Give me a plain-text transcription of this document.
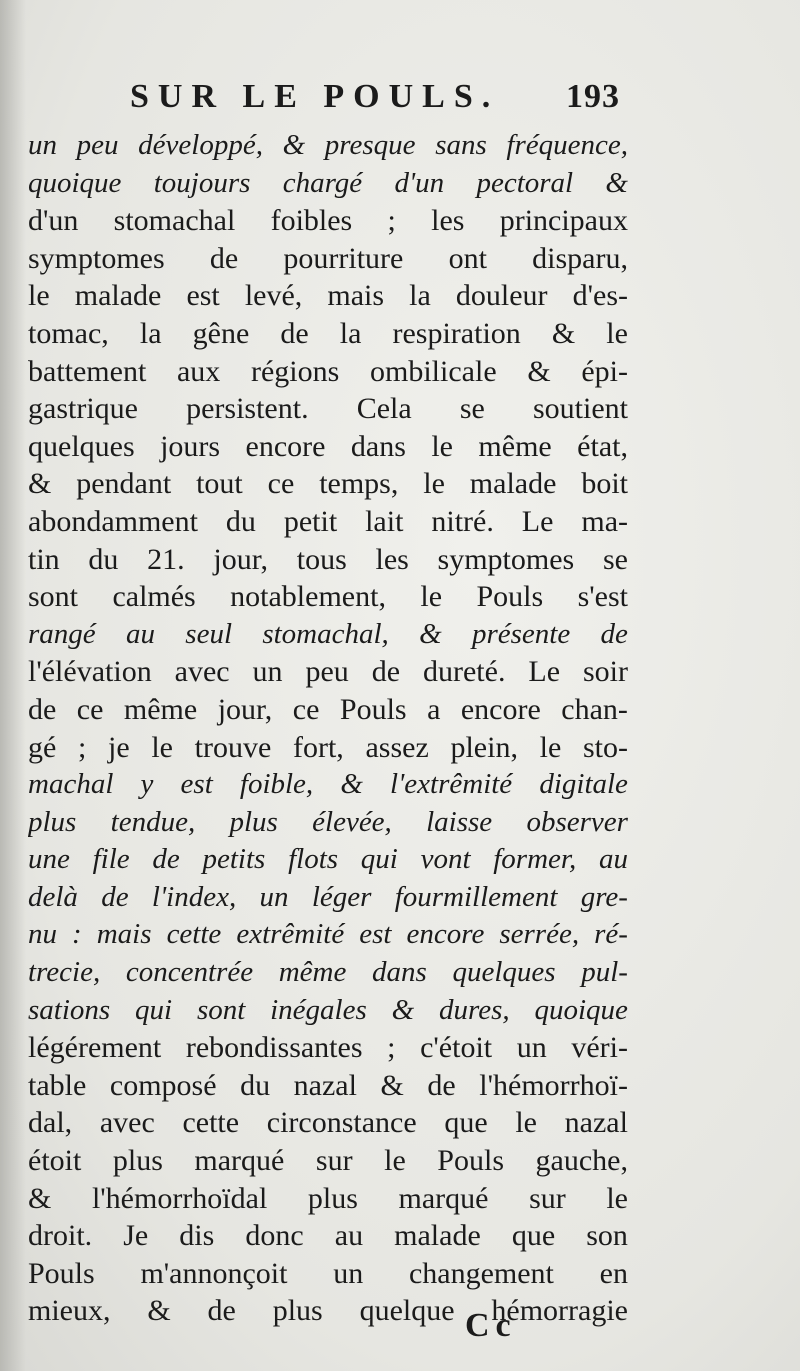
SUR LE POULS. 193
un peu développé, & presque sans fréquence,
quoique toujours chargé d'un pectoral &
d'un stomachal foibles ; les principaux
symptomes de pourriture ont disparu,
le malade est levé, mais la douleur d'es-
tomac, la gêne de la respiration & le
battement aux régions ombilicale & épi-
gastrique persistent. Cela se soutient
quelques jours encore dans le même état,
& pendant tout ce temps, le malade boit
abondamment du petit lait nitré. Le ma-
tin du 21. jour, tous les symptomes se
sont calmés notablement, le Pouls s'est
rangé au seul stomachal, & présente de
l'élévation avec un peu de dureté. Le soir
de ce même jour, ce Pouls a encore chan-
gé ; je le trouve fort, assez plein, le sto-
machal y est foible, & l'extrêmité digitale
plus tendue, plus élevée, laisse observer
une file de petits flots qui vont former, au
delà de l'index, un léger fourmillement gre-
nu : mais cette extrêmité est encore serrée, ré-
trecie, concentrée même dans quelques pul-
sations qui sont inégales & dures, quoique
légérement rebondissantes ; c'étoit un véri-
table composé du nazal & de l'hémorrhoï-
dal, avec cette circonstance que le nazal
étoit plus marqué sur le Pouls gauche,
& l'hémorrhoïdal plus marqué sur le
droit. Je dis donc au malade que son
Pouls m'annonçoit un changement en
mieux, & de plus quelque hémorragie
Cc
